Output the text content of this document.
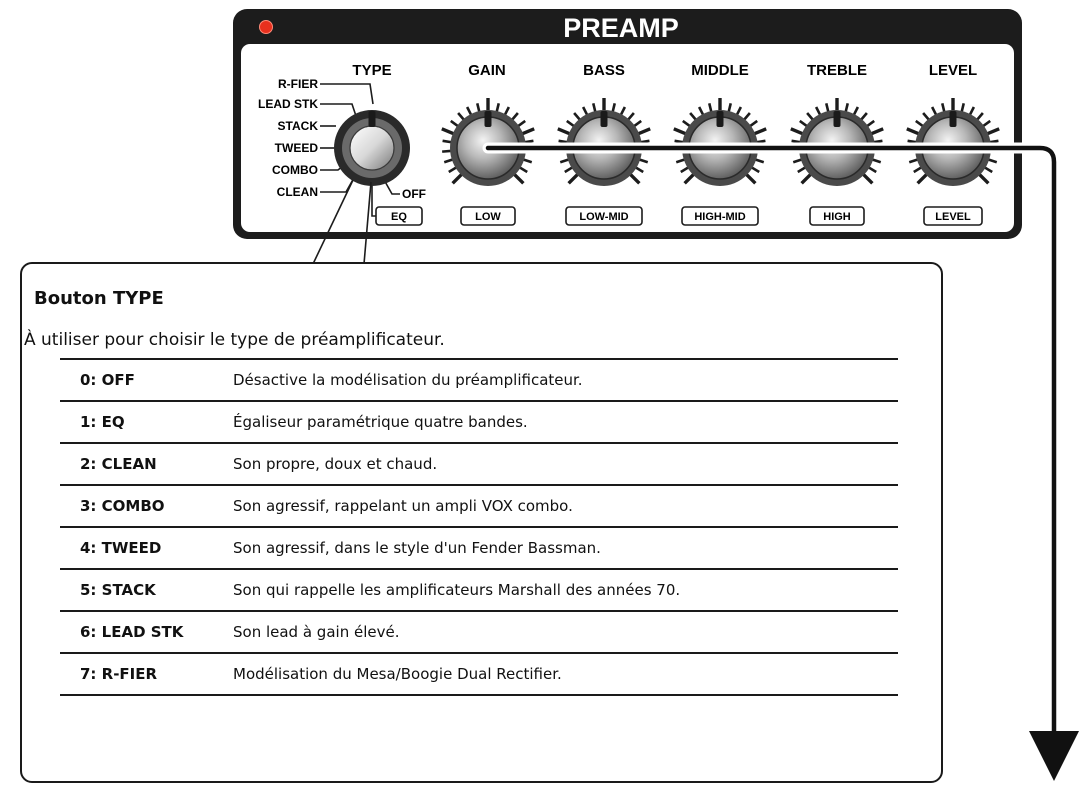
PREAMP
TYPE	GAIN	BASS	MIDDLE	TREBLE	LEVEL
EQ	LOW	LOW-MID	HIGH-MID	HIGH	LEVEL
R-FIER
LEAD STK
STACK
TWEED
COMBO
CLEAN	OFF
Bouton TYPE

À utiliser pour choisir le type de préamplificateur.

0: OFF	Désactive la modélisation du préamplificateur.
1: EQ	Égaliseur paramétrique quatre bandes.
2: CLEAN	Son propre, doux et chaud.
3: COMBO	Son agressif, rappelant un ampli VOX combo.
4: TWEED	Son agressif, dans le style d'un Fender Bassman.
5: STACK	Son qui rappelle les amplificateurs Marshall des années 70.
6: LEAD STK	Son lead à gain élevé.
7: R-FIER	Modélisation du Mesa/Boogie Dual Rectifier.
